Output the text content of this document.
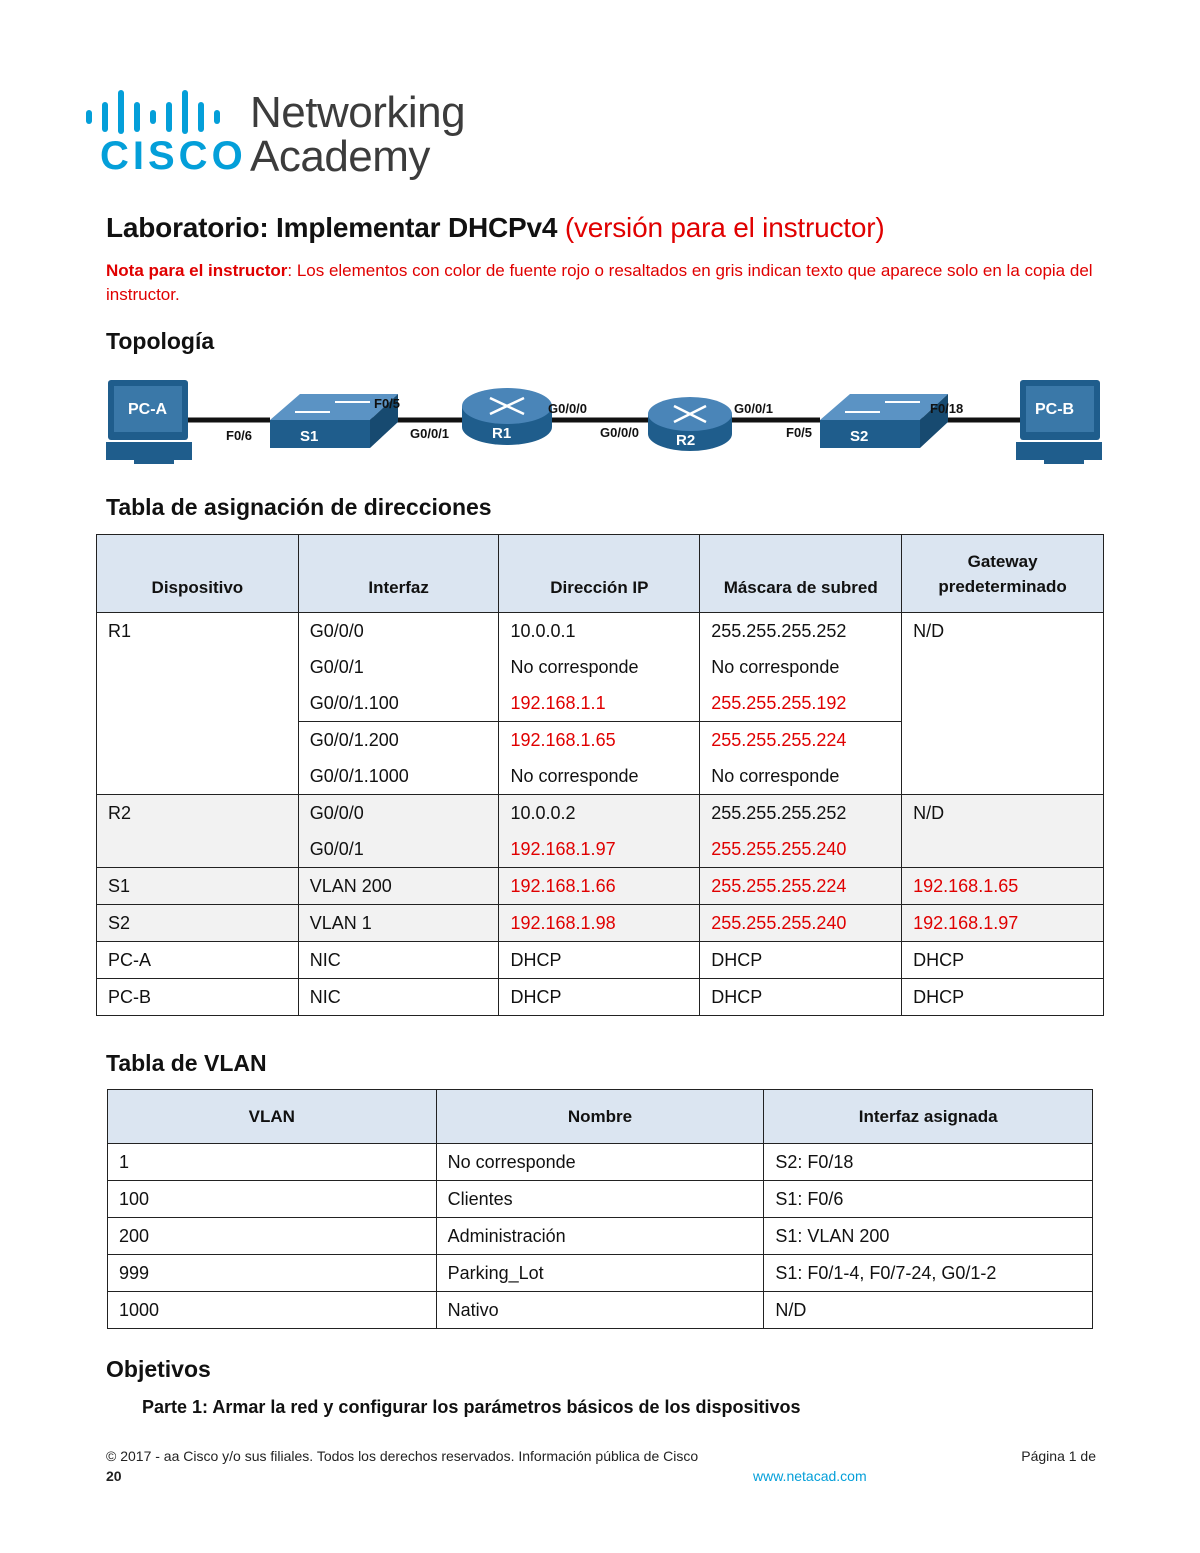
CISCO
Networking
Academy
Laboratorio: Implementar DHCPv4 (versión para el instructor)
Nota para el instructor: Los elementos con color de fuente rojo o resaltados en gris indican texto que aparece solo en la copia del instructor.
Topología
PC-A	PC-B
S1	S2
R1	R2
F0/6
F0/5
G0/0/1
G0/0/0
G0/0/0
G0/0/1
F0/5
F0/18
Tabla de asignación de direcciones
Dispositivo	Interfaz	Dirección IP	Máscara de subred	Gateway predeterminado
R1	G0/0/0	10.0.0.1	255.255.255.252	N/D
	G0/0/1	No corresponde	No corresponde	
	G0/0/1.100	192.168.1.1	255.255.255.192	
	G0/0/1.200	192.168.1.65	255.255.255.224	
	G0/0/1.1000	No corresponde	No corresponde	
R2	G0/0/0	10.0.0.2	255.255.255.252	N/D
	G0/0/1	192.168.1.97	255.255.255.240	
S1	VLAN 200	192.168.1.66	255.255.255.224	192.168.1.65
S2	VLAN 1	192.168.1.98	255.255.255.240	192.168.1.97
PC-A	NIC	DHCP	DHCP	DHCP
PC-B	NIC	DHCP	DHCP	DHCP
Tabla de VLAN
VLAN	Nombre	Interfaz asignada
1	No corresponde	S2: F0/18
100	Clientes	S1: F0/6
200	Administración	S1: VLAN 200
999	Parking_Lot	S1: F0/1-4, F0/7-24, G0/1-2
1000	Nativo	N/D
Objetivos
Parte 1: Armar la red y configurar los parámetros básicos de los dispositivos
© 2017 - aa Cisco y/o sus filiales. Todos los derechos reservados. Información pública de Cisco	Página 1 de
20	www.netacad.com
